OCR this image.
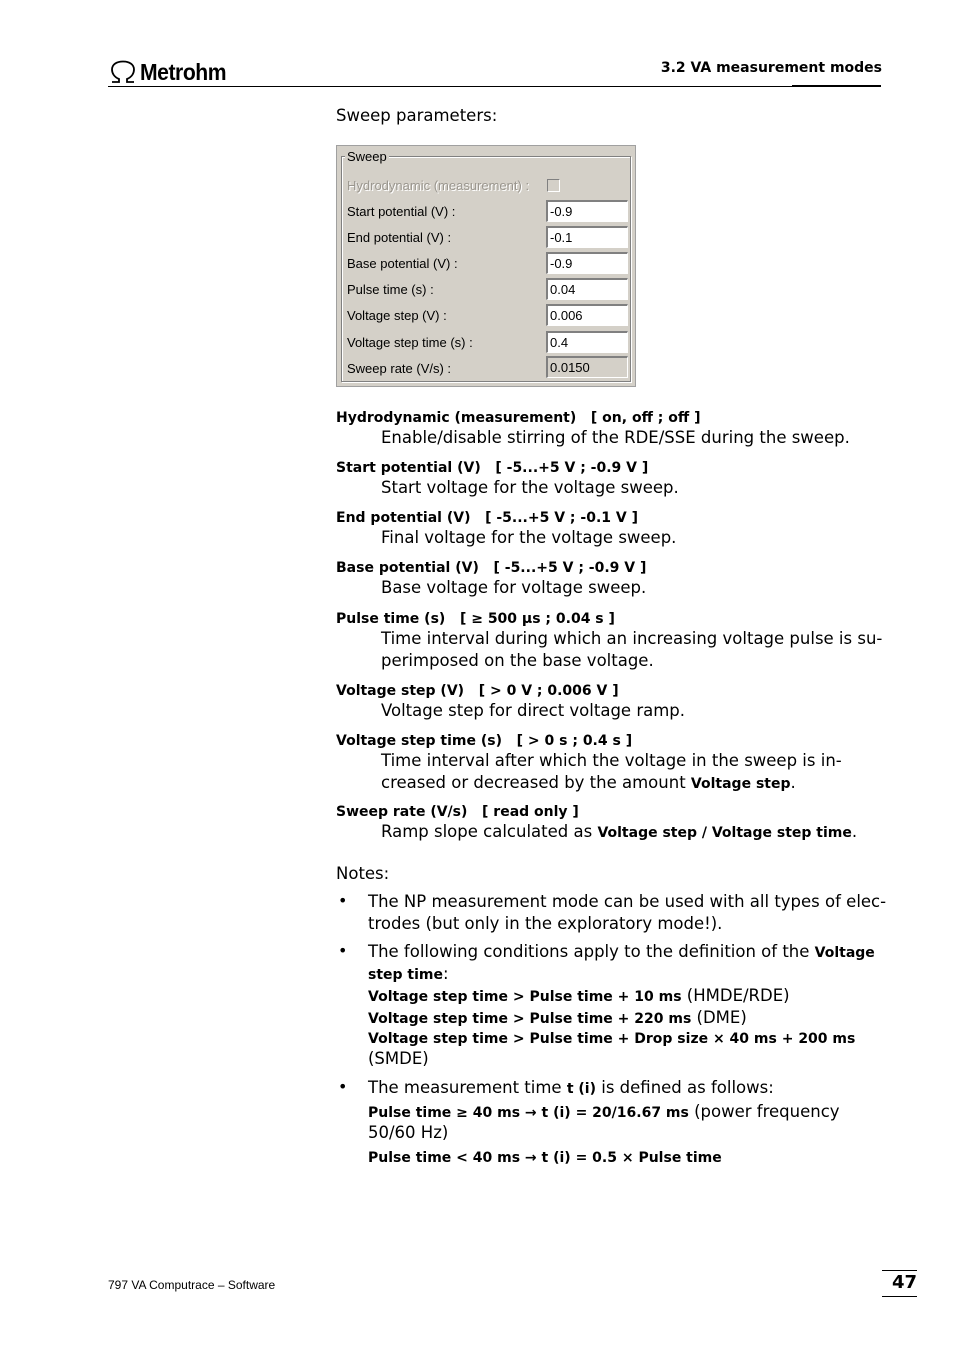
Metrohm	3.2 VA measurement modes
Sweep parameters:
Sweep
Hydrodynamic (measurement) :
Start potential (V) :	-0.9
End potential (V) :	-0.1
Base potential (V) :	-0.9
Pulse time (s) :	0.04
Voltage step (V) :	0.006
Voltage step time (s) :	0.4
Sweep rate (V/s) :	0.0150
Hydrodynamic (measurement) [ on, off ; off ]
Enable/disable stirring of the RDE/SSE during the sweep.
Start potential (V) [ -5...+5 V ; -0.9 V ]
Start voltage for the voltage sweep.
End potential (V) [ -5...+5 V ; -0.1 V ]
Final voltage for the voltage sweep.
Base potential (V) [ -5...+5 V ; -0.9 V ]
Base voltage for voltage sweep.
Pulse time (s) [ ≥ 500 µs ; 0.04 s ]
Time interval during which an increasing voltage pulse is su-
perimposed on the base voltage.
Voltage step (V) [ > 0 V ; 0.006 V ]
Voltage step for direct voltage ramp.
Voltage step time (s) [ > 0 s ; 0.4 s ]
Time interval after which the voltage in the sweep is in-
creased or decreased by the amount Voltage step.
Sweep rate (V/s) [ read only ]
Ramp slope calculated as Voltage step / Voltage step time.
Notes:
• The NP measurement mode can be used with all types of elec-
trodes (but only in the exploratory mode!).
• The following conditions apply to the definition of the Voltage
step time:
Voltage step time > Pulse time + 10 ms (HMDE/RDE)
Voltage step time > Pulse time + 220 ms (DME)
Voltage step time > Pulse time + Drop size × 40 ms + 200 ms
(SMDE)
• The measurement time t (i) is defined as follows:
Pulse time ≥ 40 ms → t (i) = 20/16.67 ms (power frequency
50/60 Hz)
Pulse time < 40 ms → t (i) = 0.5 × Pulse time
797 VA Computrace – Software	47
